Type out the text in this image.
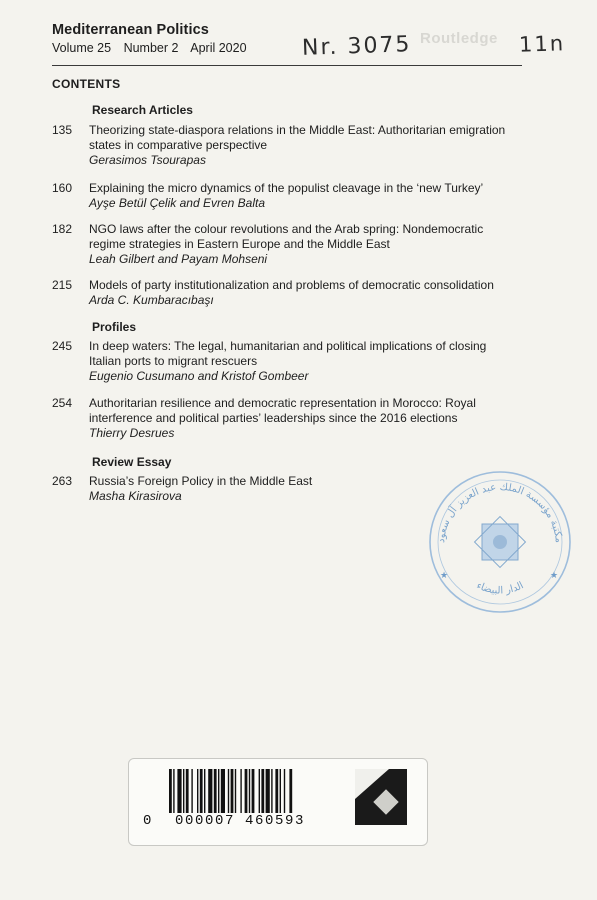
Routledge
Mediterranean Politics
Volume 25 Number 2 April 2020	Nr. 3075	11n
CONTENTS
Research Articles
135	Theorizing state-diaspora relations in the Middle East: Authoritarian emigration
states in comparative perspective
Gerasimos Tsourapas
160	Explaining the micro dynamics of the populist cleavage in the ‘new Turkey’
Ayşe Betül Çelik and Evren Balta
182	NGO laws after the colour revolutions and the Arab spring: Nondemocratic
regime strategies in Eastern Europe and the Middle East
Leah Gilbert and Payam Mohseni
215	Models of party institutionalization and problems of democratic consolidation
Arda C. Kumbaracıbaşı
Profiles
245	In deep waters: The legal, humanitarian and political implications of closing
Italian ports to migrant rescuers
Eugenio Cusumano and Kristof Gombeer
254	Authoritarian resilience and democratic representation in Morocco: Royal
interference and political parties’ leaderships since the 2016 elections
Thierry Desrues
Review Essay
263	Russia’s Foreign Policy in the Middle East
Masha Kirasirova
مكتبة مؤسسة الملك عبد العزيز آل سعود
الدار البيضاء
★	★
0 000007 460593
